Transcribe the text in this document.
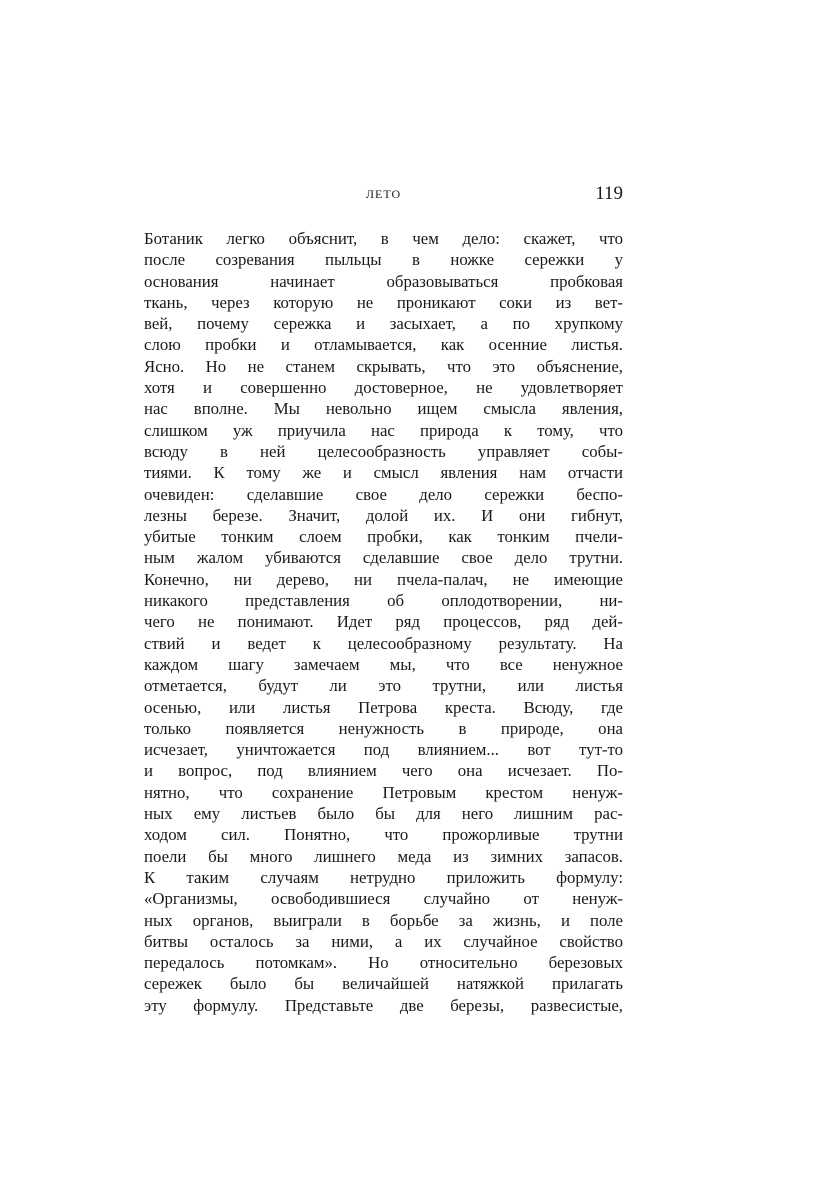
ЛЕТО	119
Ботаник легко объяснит, в чем дело: скажет, что
после созревания пыльцы в ножке сережки у
основания начинает образовываться пробковая
ткань, через которую не проникают соки из вет-
вей, почему сережка и засыхает, а по хрупкому
слою пробки и отламывается, как осенние листья.
Ясно. Но не станем скрывать, что это объяснение,
хотя и совершенно достоверное, не удовлетворяет
нас вполне. Мы невольно ищем смысла явления,
слишком уж приучила нас природа к тому, что
всюду в ней целесообразность управляет собы-
тиями. К тому же и смысл явления нам отчасти
очевиден: сделавшие свое дело сережки беспо-
лезны березе. Значит, долой их. И они гибнут,
убитые тонким слоем пробки, как тонким пчели-
ным жалом убиваются сделавшие свое дело трутни.
Конечно, ни дерево, ни пчела-палач, не имеющие
никакого представления об оплодотворении, ни-
чего не понимают. Идет ряд процессов, ряд дей-
ствий и ведет к целесообразному результату. На
каждом шагу замечаем мы, что все ненужное
отметается, будут ли это трутни, или листья
осенью, или листья Петрова креста. Всюду, где
только появляется ненужность в природе, она
исчезает, уничтожается под влиянием... вот тут-то
и вопрос, под влиянием чего она исчезает. По-
нятно, что сохранение Петровым крестом ненуж-
ных ему листьев было бы для него лишним рас-
ходом сил. Понятно, что прожорливые трутни
поели бы много лишнего меда из зимних запасов.
К таким случаям нетрудно приложить формулу:
«Организмы, освободившиеся случайно от ненуж-
ных органов, выиграли в борьбе за жизнь, и поле
битвы осталось за ними, а их случайное свойство
передалось потомкам». Но относительно березовых
сережек было бы величайшей натяжкой прилагать
эту формулу. Представьте две березы, развесистые,
